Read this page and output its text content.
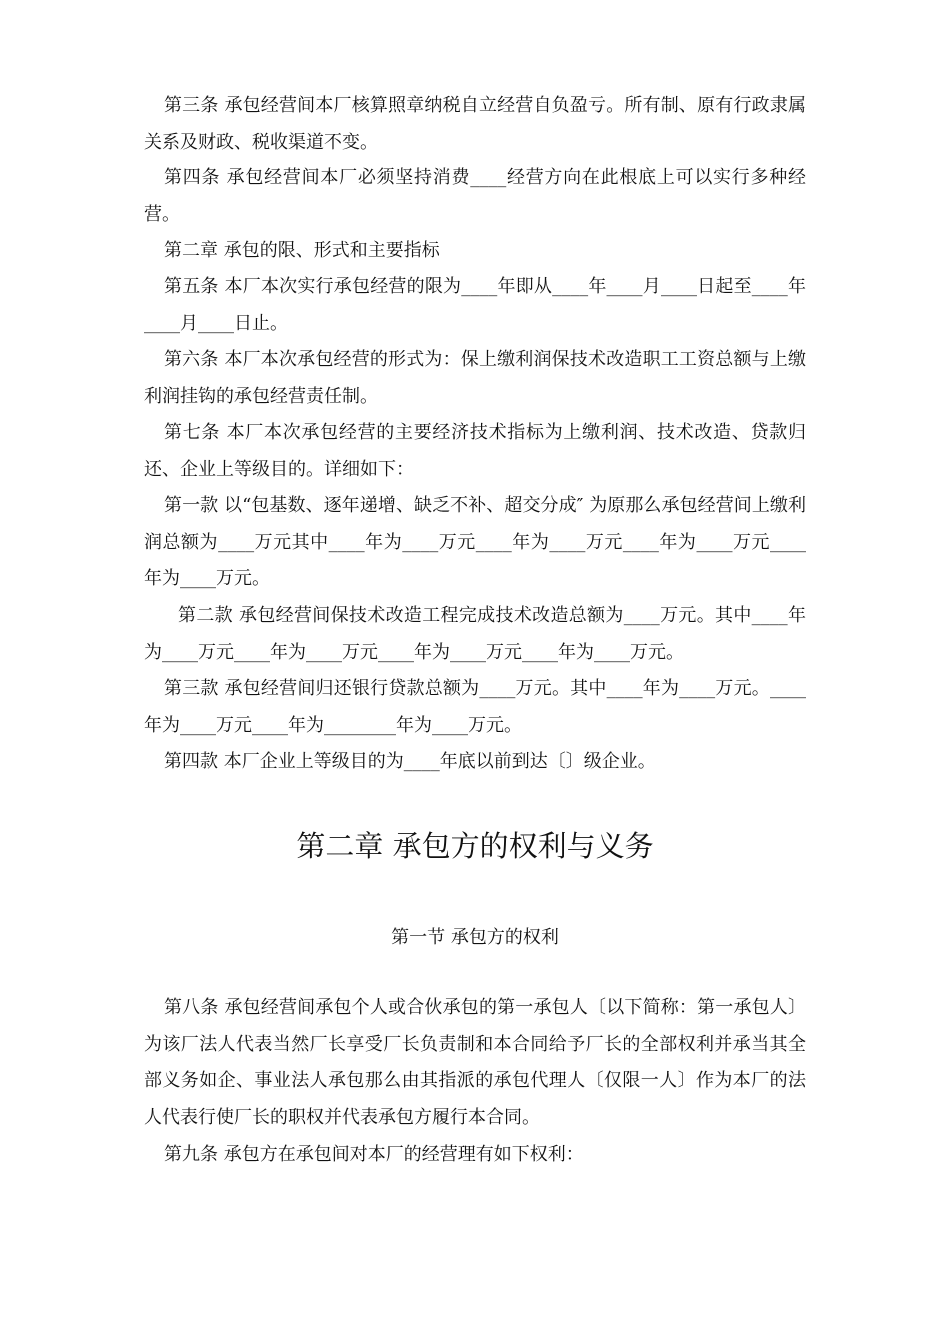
第三条 承包经营间本厂核算照章纳税自立经营自负盈亏。所有制、原有行政隶属关系及财政、税收渠道不变。

第四条 承包经营间本厂必须坚持消费____经营方向在此根底上可以实行多种经营。

第二章 承包的限、形式和主要指标

第五条 本厂本次实行承包经营的限为____年即从____年____月____日起至____年____月____日止。

第六条 本厂本次承包经营的形式为：保上缴利润保技术改造职工工资总额与上缴利润挂钩的承包经营责任制。

第七条 本厂本次承包经营的主要经济技术指标为上缴利润、技术改造、贷款归还、企业上等级目的。详细如下：

第一款 以“包基数、逐年递增、缺乏不补、超交分成″ 为原那么承包经营间上缴利润总额为____万元其中____年为____万元____年为____万元____年为____万元____年为____万元。

第二款 承包经营间保技术改造工程完成技术改造总额为____万元。其中____年为____万元____年为____万元____年为____万元____年为____万元。

第三款 承包经营间归还银行贷款总额为____万元。其中____年为____万元。____年为____万元____年为________年为____万元。

第四款 本厂企业上等级目的为____年底以前到达〔〕级企业。

第二章 承包方的权利与义务
第一节 承包方的权利

第八条 承包经营间承包个人或合伙承包的第一承包人〔以下简称：第一承包人〕为该厂法人代表当然厂长享受厂长负责制和本合同给予厂长的全部权利并承当其全部义务如企、事业法人承包那么由其指派的承包代理人〔仅限一人〕作为本厂的法人代表行使厂长的职权并代表承包方履行本合同。

第九条 承包方在承包间对本厂的经营理有如下权利：
